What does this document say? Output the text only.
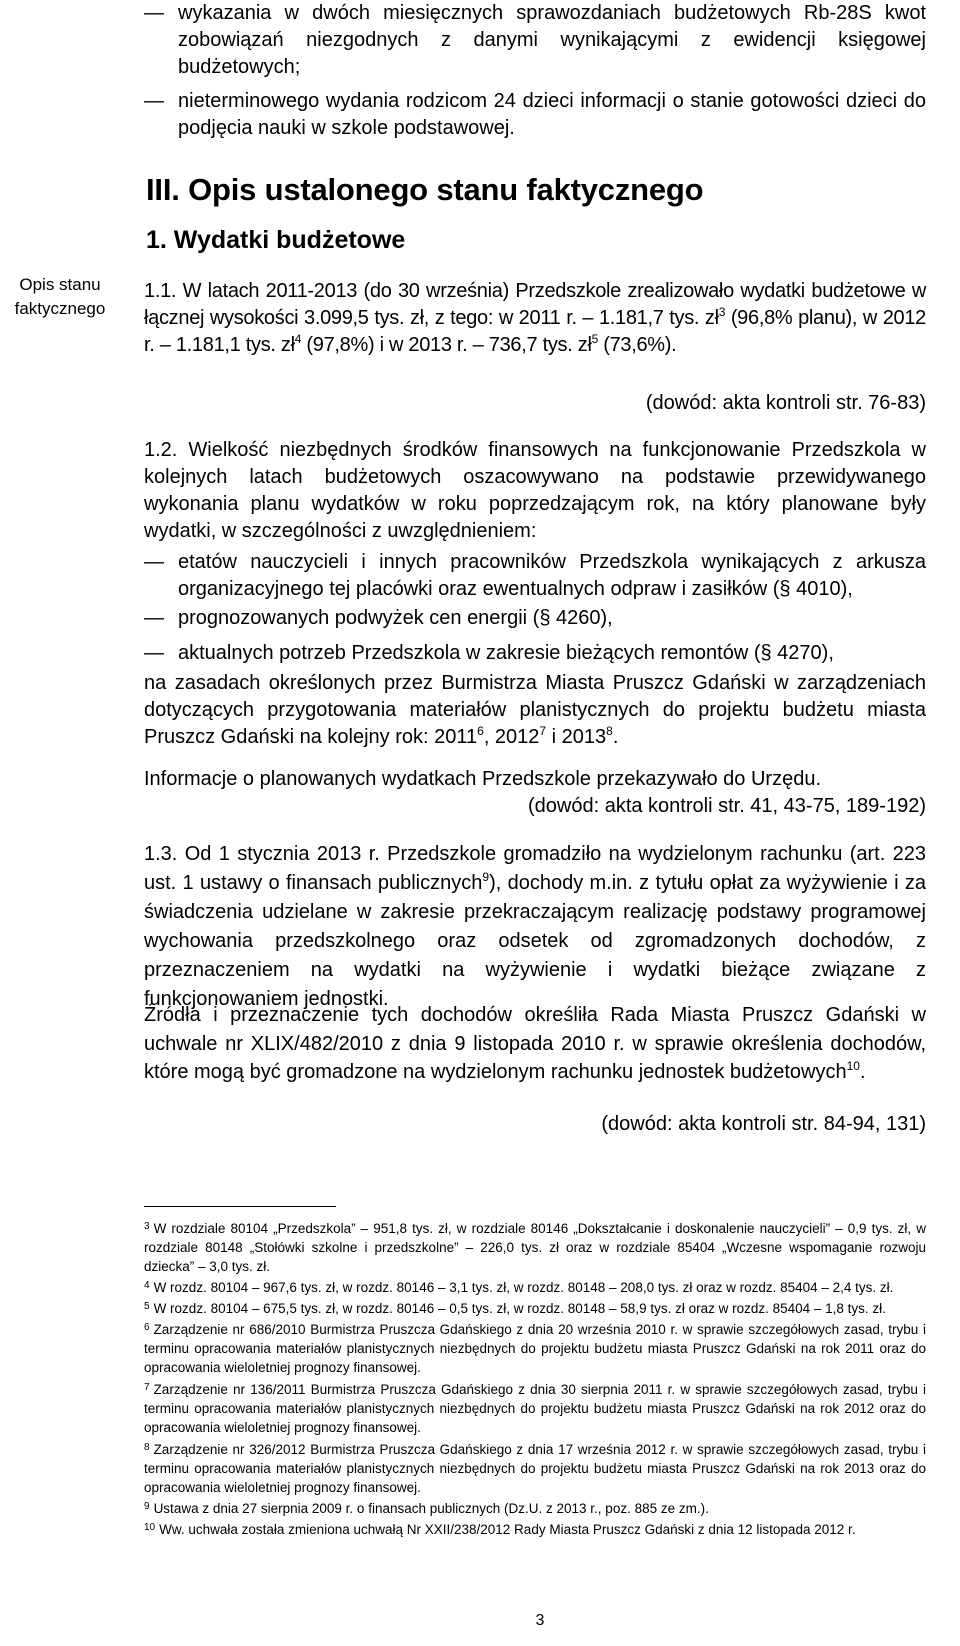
— wykazania w dwóch miesięcznych sprawozdaniach budżetowych Rb-28S kwot zobowiązań niezgodnych z danymi wynikającymi z ewidencji księgowej budżetowych;
— nieterminowego wydania rodzicom 24 dzieci informacji o stanie gotowości dzieci do podjęcia nauki w szkole podstawowej.
III. Opis ustalonego stanu faktycznego
1. Wydatki budżetowe
Opis stanu faktycznego

1.1. W latach 2011-2013 (do 30 września) Przedszkole zrealizowało wydatki budżetowe w łącznej wysokości 3.099,5 tys. zł, z tego: w 2011 r. – 1.181,7 tys. $zł^3$ (96,8% planu), w 2012 r. – 1.181,1 tys. $zł^4$ (97,8%) i w 2013 r. – 736,7 tys. $zł^5$ (73,6%).

(dowód: akta kontroli str. 76-83)

1.2. Wielkość niezbędnych środków finansowych na funkcjonowanie Przedszkola w kolejnych latach budżetowych oszacowywano na podstawie przewidywanego wykonania planu wydatków w roku poprzedzającym rok, na który planowane były wydatki, w szczególności z uwzględnieniem:

— etatów nauczycieli i innych pracowników Przedszkola wynikających z arkusza organizacyjnego tej placówki oraz ewentualnych odpraw i zasiłków (§ 4010),
— prognozowanych podwyżek cen energii (§ 4260),
— aktualnych potrzeb Przedszkola w zakresie bieżących remontów (§ 4270),

na zasadach określonych przez Burmistrza Miasta Pruszcz Gdański w zarządzeniach dotyczących przygotowania materiałów planistycznych do projektu budżetu miasta Pruszcz Gdański na kolejny rok: 2011$^6$, 2012$^7$ i 2013$^8$.

Informacje o planowanych wydatkach Przedszkole przekazywało do Urzędu.

(dowód: akta kontroli str. 41, 43-75, 189-192)

1.3. Od 1 stycznia 2013 r. Przedszkole gromadziło na wydzielonym rachunku (art. 223 ust. 1 ustawy o finansach publicznych$^9$), dochody m.in. z tytułu opłat za wyżywienie i za świadczenia udzielane w zakresie przekraczającym realizację podstawy programowej wychowania przedszkolnego oraz odsetek od zgromadzonych dochodów, z przeznaczeniem na wydatki na wyżywienie i wydatki bieżące związane z funkcjonowaniem jednostki.

Źródła i przeznaczenie tych dochodów określiła Rada Miasta Pruszcz Gdański w uchwale nr XLIX/482/2010 z dnia 9 listopada 2010 r. w sprawie określenia dochodów, które mogą być gromadzone na wydzielonym rachunku jednostek budżetowych$^{10}$.

(dowód: akta kontroli str. 84-94, 131)
$^3$ W rozdziale 80104 „Przedszkola” – 951,8 tys. zł, w rozdziale 80146 „Dokształcanie i doskonalenie nauczycieli” – 0,9 tys. zł, w rozdziale 80148 „Stołówki szkolne i przedszkolne” – 226,0 tys. zł oraz w rozdziale 85404 „Wczesne wspomaganie rozwoju dziecka” – 3,0 tys. zł.
$^4$ W rozdz. 80104 – 967,6 tys. zł, w rozdz. 80146 – 3,1 tys. zł, w rozdz. 80148 – 208,0 tys. zł oraz w rozdz. 85404 – 2,4 tys. zł.
$^5$ W rozdz. 80104 – 675,5 tys. zł, w rozdz. 80146 – 0,5 tys. zł, w rozdz. 80148 – 58,9 tys. zł oraz w rozdz. 85404 – 1,8 tys. zł.
$^6$ Zarządzenie nr 686/2010 Burmistrza Pruszcza Gdańskiego z dnia 20 września 2010 r. w sprawie szczegółowych zasad, trybu i terminu opracowania materiałów planistycznych niezbędnych do projektu budżetu miasta Pruszcz Gdański na rok 2011 oraz do opracowania wieloletniej prognozy finansowej.
$^7$ Zarządzenie nr 136/2011 Burmistrza Pruszcza Gdańskiego z dnia 30 sierpnia 2011 r. w sprawie szczegółowych zasad, trybu i terminu opracowania materiałów planistycznych niezbędnych do projektu budżetu miasta Pruszcz Gdański na rok 2012 oraz do opracowania wieloletniej prognozy finansowej.
$^8$ Zarządzenie nr 326/2012 Burmistrza Pruszcza Gdańskiego z dnia 17 września 2012 r. w sprawie szczegółowych zasad, trybu i terminu opracowania materiałów planistycznych niezbędnych do projektu budżetu miasta Pruszcz Gdański na rok 2013 oraz do opracowania wieloletniej prognozy finansowej.
$^9$ Ustawa z dnia 27 sierpnia 2009 r. o finansach publicznych (Dz.U. z 2013 r., poz. 885 ze zm.).
$^{10}$ Ww. uchwała została zmieniona uchwałą Nr XXII/238/2012 Rady Miasta Pruszcz Gdański z dnia 12 listopada 2012 r.
3
